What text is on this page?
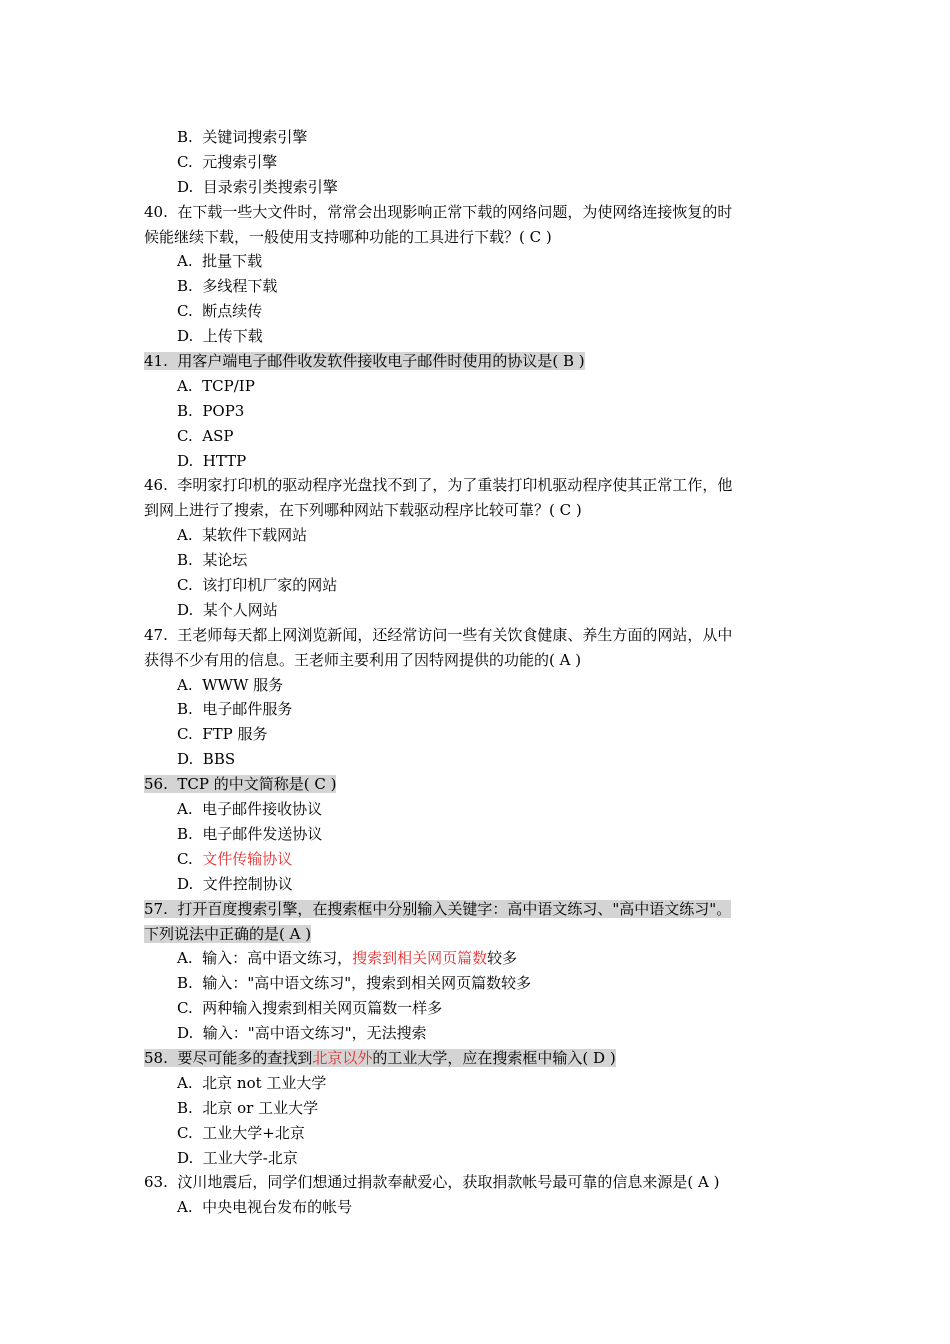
B.  关键词搜索引擎
C.  元搜索引擎
D.  目录索引类搜索引擎
40.  在下载一些大文件时，常常会出现影响正常下载的网络问题，为使网络连接恢复的时
候能继续下载，一般使用支持哪种功能的工具进行下载？( C )
A.  批量下载
B.  多线程下载
C.  断点续传
D.  上传下载
41.  用客户端电子邮件收发软件接收电子邮件时使用的协议是( B )
A.  TCP/IP
B.  POP3
C.  ASP
D.  HTTP
46.  李明家打印机的驱动程序光盘找不到了，为了重装打印机驱动程序使其正常工作，他
到网上进行了搜索，在下列哪种网站下载驱动程序比较可靠？( C )
A.  某软件下载网站
B.  某论坛
C.  该打印机厂家的网站
D.  某个人网站
47.  王老师每天都上网浏览新闻，还经常访问一些有关饮食健康、养生方面的网站，从中
获得不少有用的信息。王老师主要利用了因特网提供的功能的( A )
A.  WWW 服务
B.  电子邮件服务
C.  FTP 服务
D.  BBS
56.  TCP 的中文简称是( C )
A.  电子邮件接收协议
B.  电子邮件发送协议
C.  文件传输协议
D.  文件控制协议
57.  打开百度搜索引擎，在搜索框中分别输入关键字：高中语文练习、"高中语文练习"。
下列说法中正确的是( A )
A.  输入：高中语文练习，搜索到相关网页篇数较多
B.  输入："高中语文练习"，搜索到相关网页篇数较多
C.  两种输入搜索到相关网页篇数一样多
D.  输入："高中语文练习"，无法搜索
58.  要尽可能多的查找到北京以外的工业大学，应在搜索框中输入( D )
A.  北京 not 工业大学
B.  北京 or 工业大学
C.  工业大学+北京
D.  工业大学-北京
63.  汶川地震后，同学们想通过捐款奉献爱心，获取捐款帐号最可靠的信息来源是( A )
A.  中央电视台发布的帐号
